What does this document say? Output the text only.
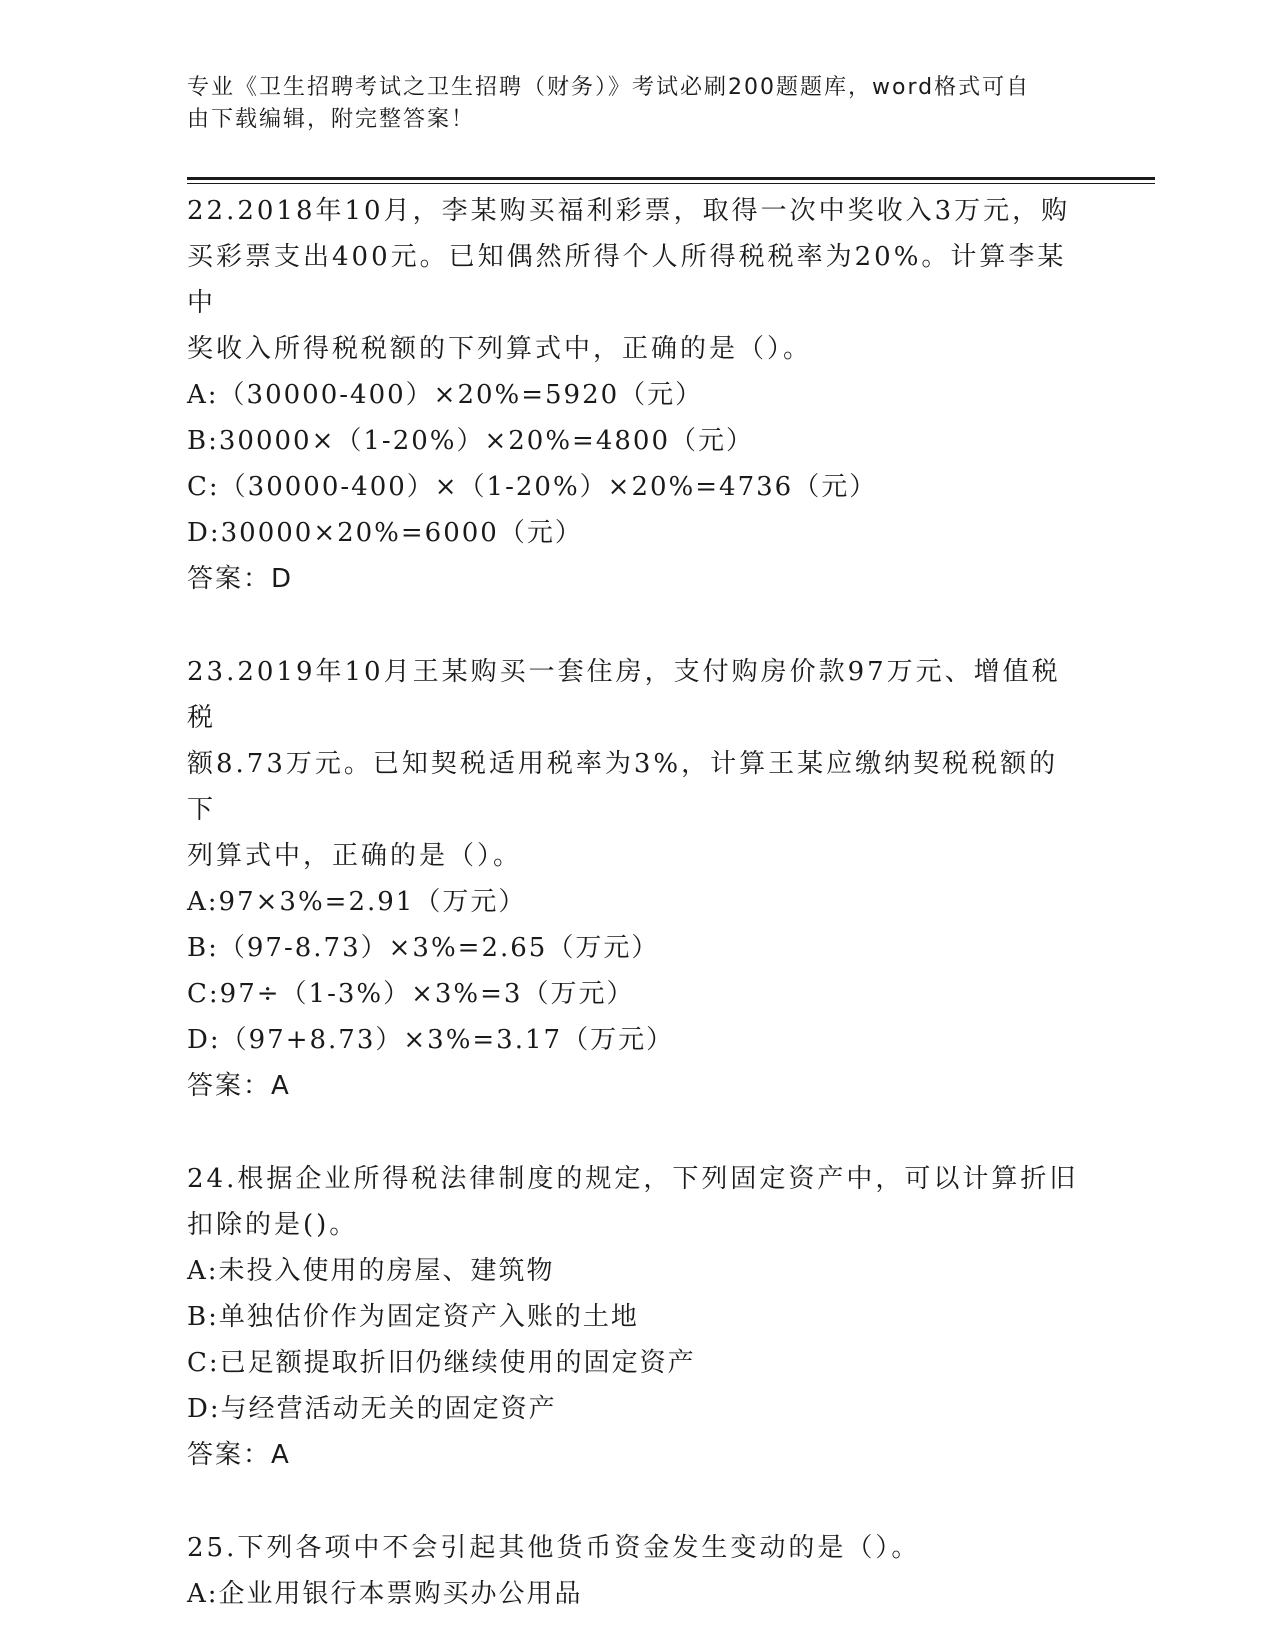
专业《卫生招聘考试之卫生招聘（财务）》考试必刷200题题库，word格式可自
由下载编辑，附完整答案！

22.2018年10月，李某购买福利彩票，取得一次中奖收入3万元，购

买彩票支出400元。已知偶然所得个人所得税税率为20%。计算李某中

奖收入所得税税额的下列算式中，正确的是（）。

A:（30000-400）×20%=5920（元）

B:30000×（1-20%）×20%=4800（元）

C:（30000-400）×（1-20%）×20%=4736（元）

D:30000×20%=6000（元）

答案：D

23.2019年10月王某购买一套住房，支付购房价款97万元、增值税税

额8.73万元。已知契税适用税率为3%，计算王某应缴纳契税税额的下

列算式中，正确的是（）。

A:97×3%=2.91（万元）

B:（97-8.73）×3%=2.65（万元）

C:97÷（1-3%）×3%=3（万元）

D:（97+8.73）×3%=3.17（万元）

答案：A

24.根据企业所得税法律制度的规定，下列固定资产中，可以计算折旧

扣除的是()。

A:未投入使用的房屋、建筑物

B:单独估价作为固定资产入账的土地

C:已足额提取折旧仍继续使用的固定资产

D:与经营活动无关的固定资产

答案：A

25.下列各项中不会引起其他货币资金发生变动的是（）。

A:企业用银行本票购买办公用品
